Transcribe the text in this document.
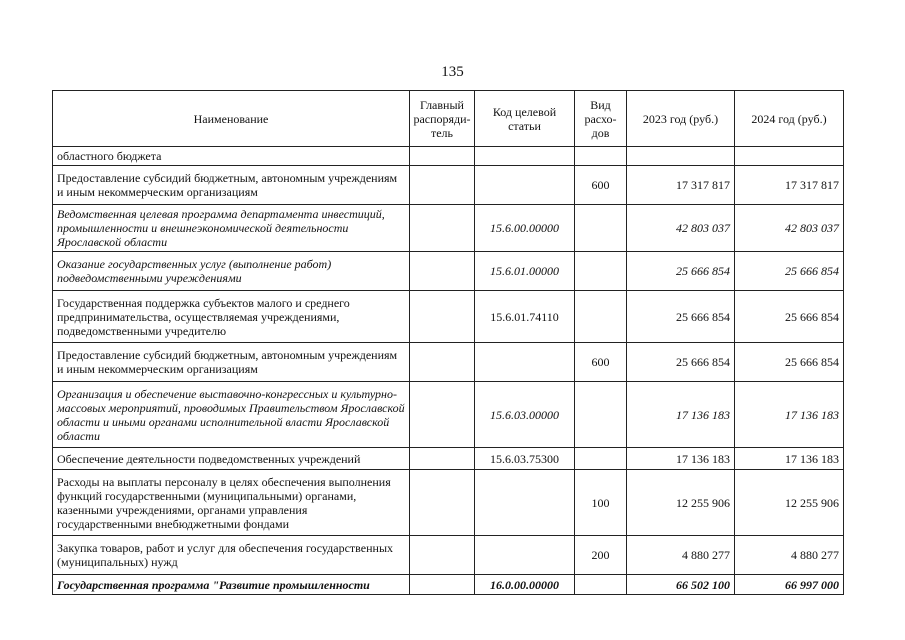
135
Наименование	Главный распоряди-тель	Код целевой статьи	Вид расхо-дов	2023 год (руб.)	2024 год (руб.)
областного бюджета					
Предоставление субсидий бюджетным, автономным учреждениям и иным некоммерческим организациям			600	17 317 817	17 317 817
Ведомственная целевая программа департамента инвестиций, промышленности и внешнеэкономической деятельности Ярославской области		15.6.00.00000		42 803 037	42 803 037
Оказание государственных услуг (выполнение работ) подведомственными учреждениями		15.6.01.00000		25 666 854	25 666 854
Государственная поддержка субъектов малого и среднего предпринимательства, осуществляемая учреждениями, подведомственными учредителю		15.6.01.74110		25 666 854	25 666 854
Предоставление субсидий бюджетным, автономным учреждениям и иным некоммерческим организациям			600	25 666 854	25 666 854
Организация и обеспечение выставочно-конгрессных и культурно-массовых мероприятий, проводимых Правительством Ярославской области и иными органами исполнительной власти Ярославской области		15.6.03.00000		17 136 183	17 136 183
Обеспечение деятельности подведомственных учреждений		15.6.03.75300		17 136 183	17 136 183
Расходы на выплаты персоналу в целях обеспечения выполнения функций государственными (муниципальными) органами, казенными учреждениями, органами управления государственными внебюджетными фондами			100	12 255 906	12 255 906
Закупка товаров, работ и услуг для обеспечения государственных (муниципальных) нужд			200	4 880 277	4 880 277
Государственная программа "Развитие промышленности		16.0.00.00000		66 502 100	66 997 000
